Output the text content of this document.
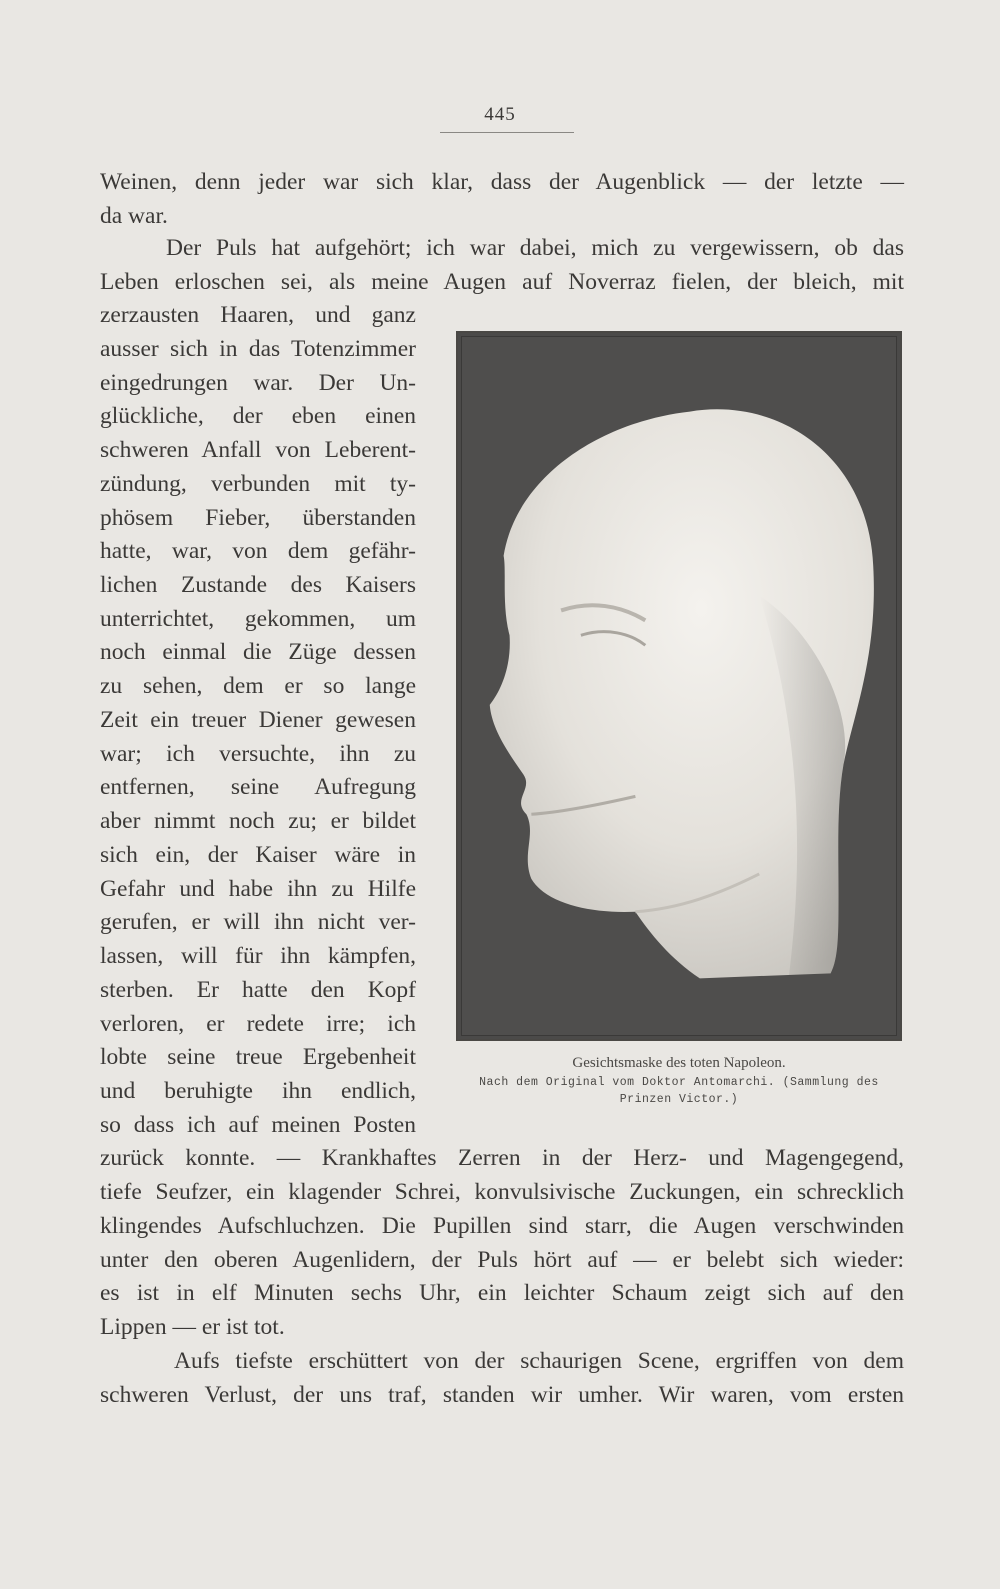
445
Weinen, denn jeder war sich klar, dass der Augenblick — der letzte —
da war.
Der Puls hat aufgehört; ich war dabei, mich zu vergewissern, ob das
Leben erloschen sei, als meine Augen auf Noverraz fielen, der bleich, mit
zerzausten Haaren, und ganz
ausser sich in das Totenzimmer
eingedrungen war. Der Un-
glückliche, der eben einen
schweren Anfall von Leberent-
zündung, verbunden mit ty-
phösem Fieber, überstanden
hatte, war, von dem gefähr-
lichen Zustande des Kaisers
unterrichtet, gekommen, um
noch einmal die Züge dessen
zu sehen, dem er so lange
Zeit ein treuer Diener gewesen
war; ich versuchte, ihn zu
entfernen, seine Aufregung
aber nimmt noch zu; er bildet
sich ein, der Kaiser wäre in
Gefahr und habe ihn zu Hilfe
gerufen, er will ihn nicht ver-
lassen, will für ihn kämpfen,
sterben. Er hatte den Kopf
verloren, er redete irre; ich
lobte seine treue Ergebenheit
und beruhigte ihn endlich,
so dass ich auf meinen Posten
zurück konnte. — Krankhaftes Zerren in der Herz- und Magengegend,
tiefe Seufzer, ein klagender Schrei, konvulsivische Zuckungen, ein schrecklich
klingendes Aufschluchzen. Die Pupillen sind starr, die Augen verschwinden
unter den oberen Augenlidern, der Puls hört auf — er belebt sich wieder:
es ist in elf Minuten sechs Uhr, ein leichter Schaum zeigt sich auf den
Lippen — er ist tot.
Aufs tiefste erschüttert von der schaurigen Scene, ergriffen von dem
schweren Verlust, der uns traf, standen wir umher. Wir waren, vom ersten
Gesichtsmaske des toten Napoleon.
Nach dem Original vom Doktor Antomarchi. (Sammlung des
Prinzen Victor.)
